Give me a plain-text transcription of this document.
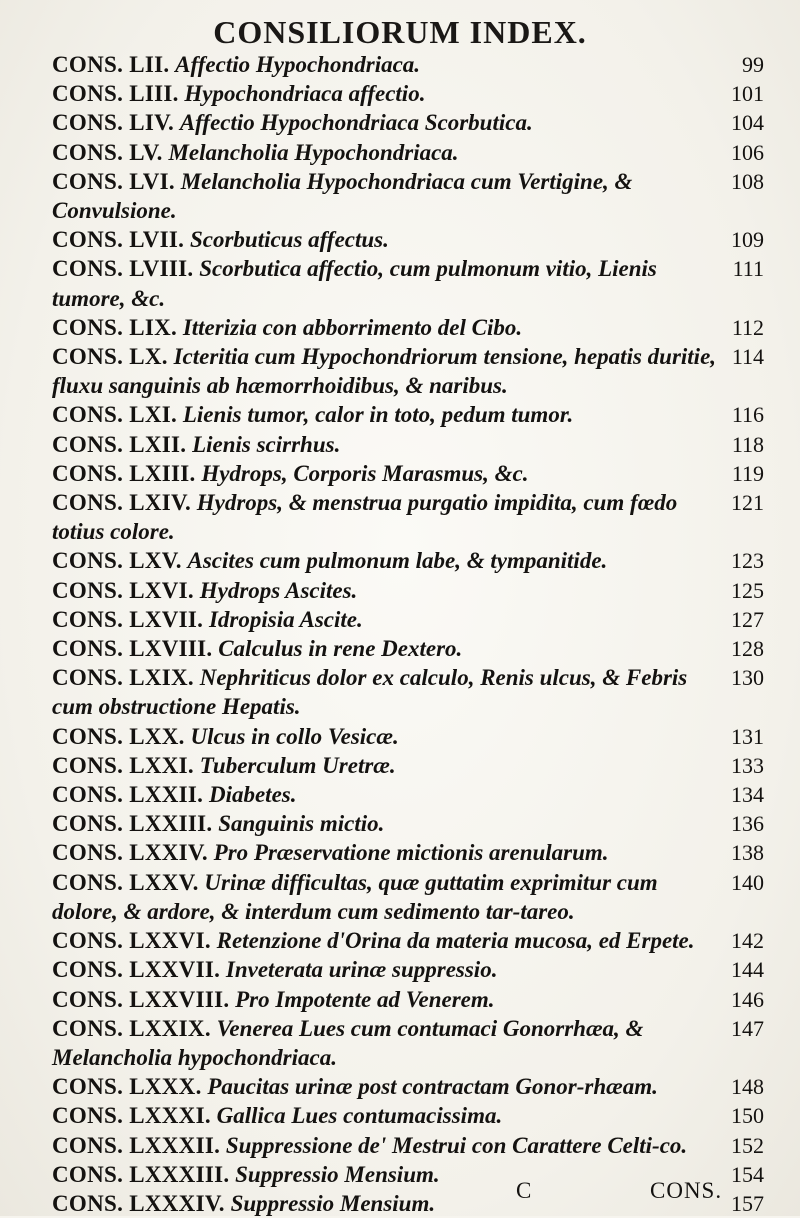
CONSILIORUM INDEX.

99
CONS. LII. Affectio Hypochondriaca.

101
CONS. LIII. Hypochondriaca affectio.

104
CONS. LIV. Affectio Hypochondriaca Scorbutica.

106
CONS. LV. Melancholia Hypochondriaca.

108
CONS. LVI. Melancholia Hypochondriaca cum Vertigine, & Convulsione.

109
CONS. LVII. Scorbuticus affectus.

111
CONS. LVIII. Scorbutica affectio, cum pulmonum vitio, Lienis tumore, &c.

112
CONS. LIX. Itterizia con abborrimento del Cibo.

114
CONS. LX. Icteritia cum Hypochondriorum tensione, hepatis duritie, fluxu sanguinis ab hæmorrhoidibus, & naribus.

116
CONS. LXI. Lienis tumor, calor in toto, pedum tumor.

118
CONS. LXII. Lienis scirrhus.

119
CONS. LXIII. Hydrops, Corporis Marasmus, &c.

121
CONS. LXIV. Hydrops, & menstrua purgatio impidita, cum fœdo totius colore.

123
CONS. LXV. Ascites cum pulmonum labe, & tympanitide.

125
CONS. LXVI. Hydrops Ascites.

127
CONS. LXVII. Idropisia Ascite.

128
CONS. LXVIII. Calculus in rene Dextero.

130
CONS. LXIX. Nephriticus dolor ex calculo, Renis ulcus, & Febris cum obstructione Hepatis.

131
CONS. LXX. Ulcus in collo Vesicæ.

133
CONS. LXXI. Tuberculum Uretræ.

134
CONS. LXXII. Diabetes.

136
CONS. LXXIII. Sanguinis mictio.

138
CONS. LXXIV. Pro Præservatione mictionis arenularum.

140
CONS. LXXV. Urinæ difficultas, quæ guttatim exprimitur cum dolore, & ardore, & interdum cum sedimento tar-tareo.

142
CONS. LXXVI. Retenzione d'Orina da materia mucosa, ed Erpete.

144
CONS. LXXVII. Inveterata urinæ suppressio.

146
CONS. LXXVIII. Pro Impotente ad Venerem.

147
CONS. LXXIX. Venerea Lues cum contumaci Gonorrhæa, & Melancholia hypochondriaca.

148
CONS. LXXX. Paucitas urinæ post contractam Gonor-rhæam.

150
CONS. LXXXI. Gallica Lues contumacissima.

152
CONS. LXXXII. Suppressione de' Mestrui con Carattere Celti-co.

154
CONS. LXXXIII. Suppressio Mensium.

157
CONS. LXXXIV. Suppressio Mensium.

C	CONS.
